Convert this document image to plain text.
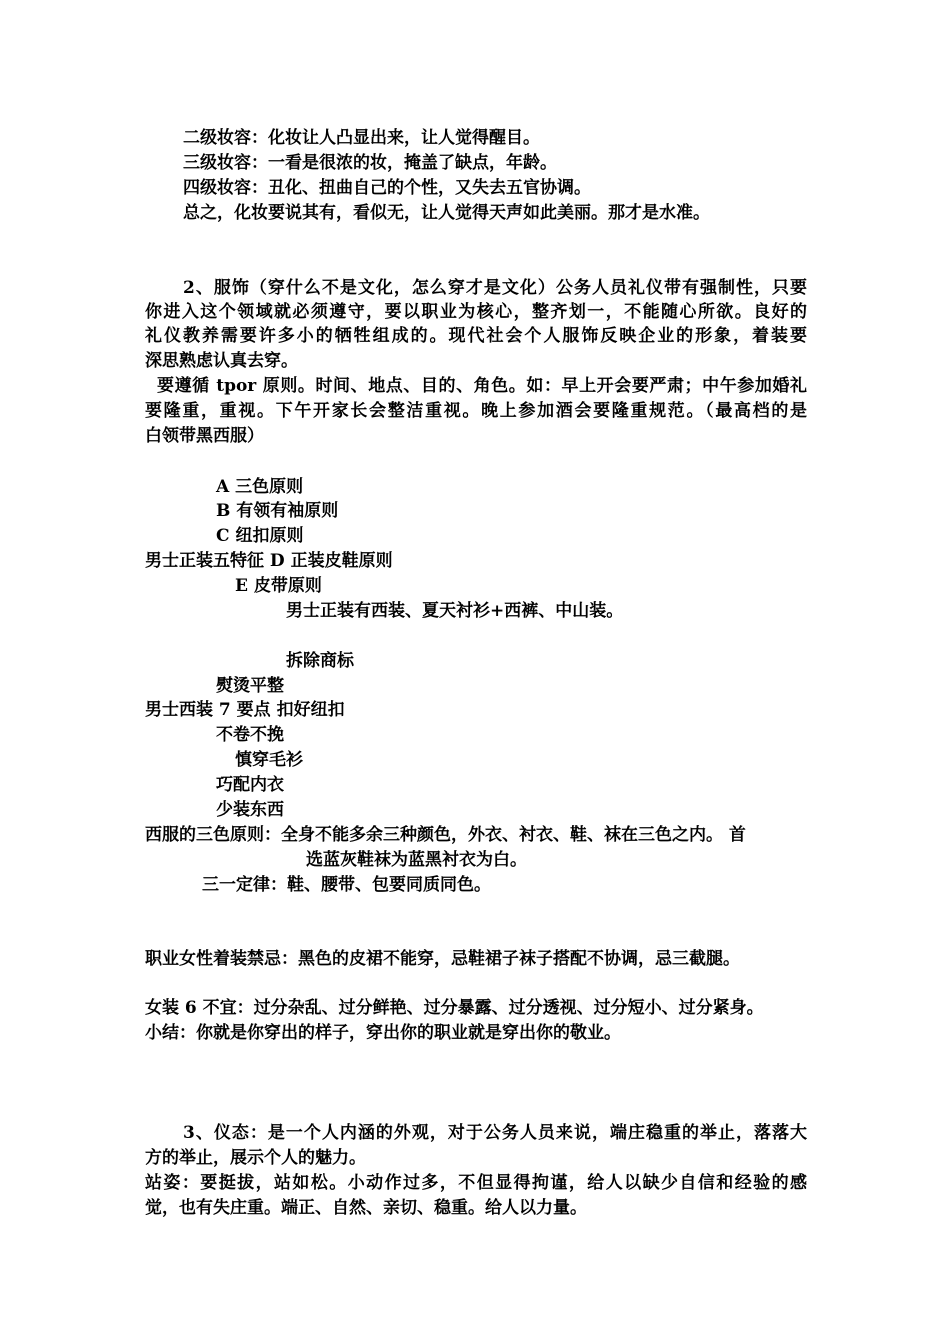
二级妆容：化妆让人凸显出来，让人觉得醒目。
三级妆容：一看是很浓的妆，掩盖了缺点，年龄。
四级妆容：丑化、扭曲自己的个性，又失去五官协调。
总之，化妆要说其有，看似无，让人觉得天声如此美丽。那才是水准。
2、服饰（穿什么不是文化，怎么穿才是文化）公务人员礼仪带有强制性，只要
你进入这个领域就必须遵守，要以职业为核心，整齐划一，不能随心所欲。良好的
礼仪教养需要许多小的牺牲组成的。现代社会个人服饰反映企业的形象，着装要
深思熟虑认真去穿。
要遵循 tpor 原则。时间、地点、目的、角色。如：早上开会要严肃；中午参加婚礼
要隆重，重视。下午开家长会整洁重视。晚上参加酒会要隆重规范。（最高档的是
白领带黑西服）
A 三色原则
B 有领有袖原则
C 纽扣原则
男士正装五特征 D 正装皮鞋原则
E 皮带原则
男士正装有西装、夏天衬衫+西裤、中山装。
拆除商标
熨烫平整
男士西装 7 要点 扣好纽扣
不卷不挽
慎穿毛衫
巧配内衣
少装东西
西服的三色原则：全身不能多余三种颜色，外衣、衬衣、鞋、袜在三色之内。 首
选蓝灰鞋袜为蓝黑衬衣为白。
三一定律：鞋、腰带、包要同质同色。
职业女性着装禁忌：黑色的皮裙不能穿，忌鞋裙子袜子搭配不协调，忌三截腿。
女装 6 不宜：过分杂乱、过分鲜艳、过分暴露、过分透视、过分短小、过分紧身。
小结：你就是你穿出的样子，穿出你的职业就是穿出你的敬业。
3、仪态：是一个人内涵的外观，对于公务人员来说，端庄稳重的举止，落落大
方的举止，展示个人的魅力。
站姿：要挺拔，站如松。小动作过多，不但显得拘谨，给人以缺少自信和经验的感
觉，也有失庄重。端正、自然、亲切、稳重。给人以力量。
